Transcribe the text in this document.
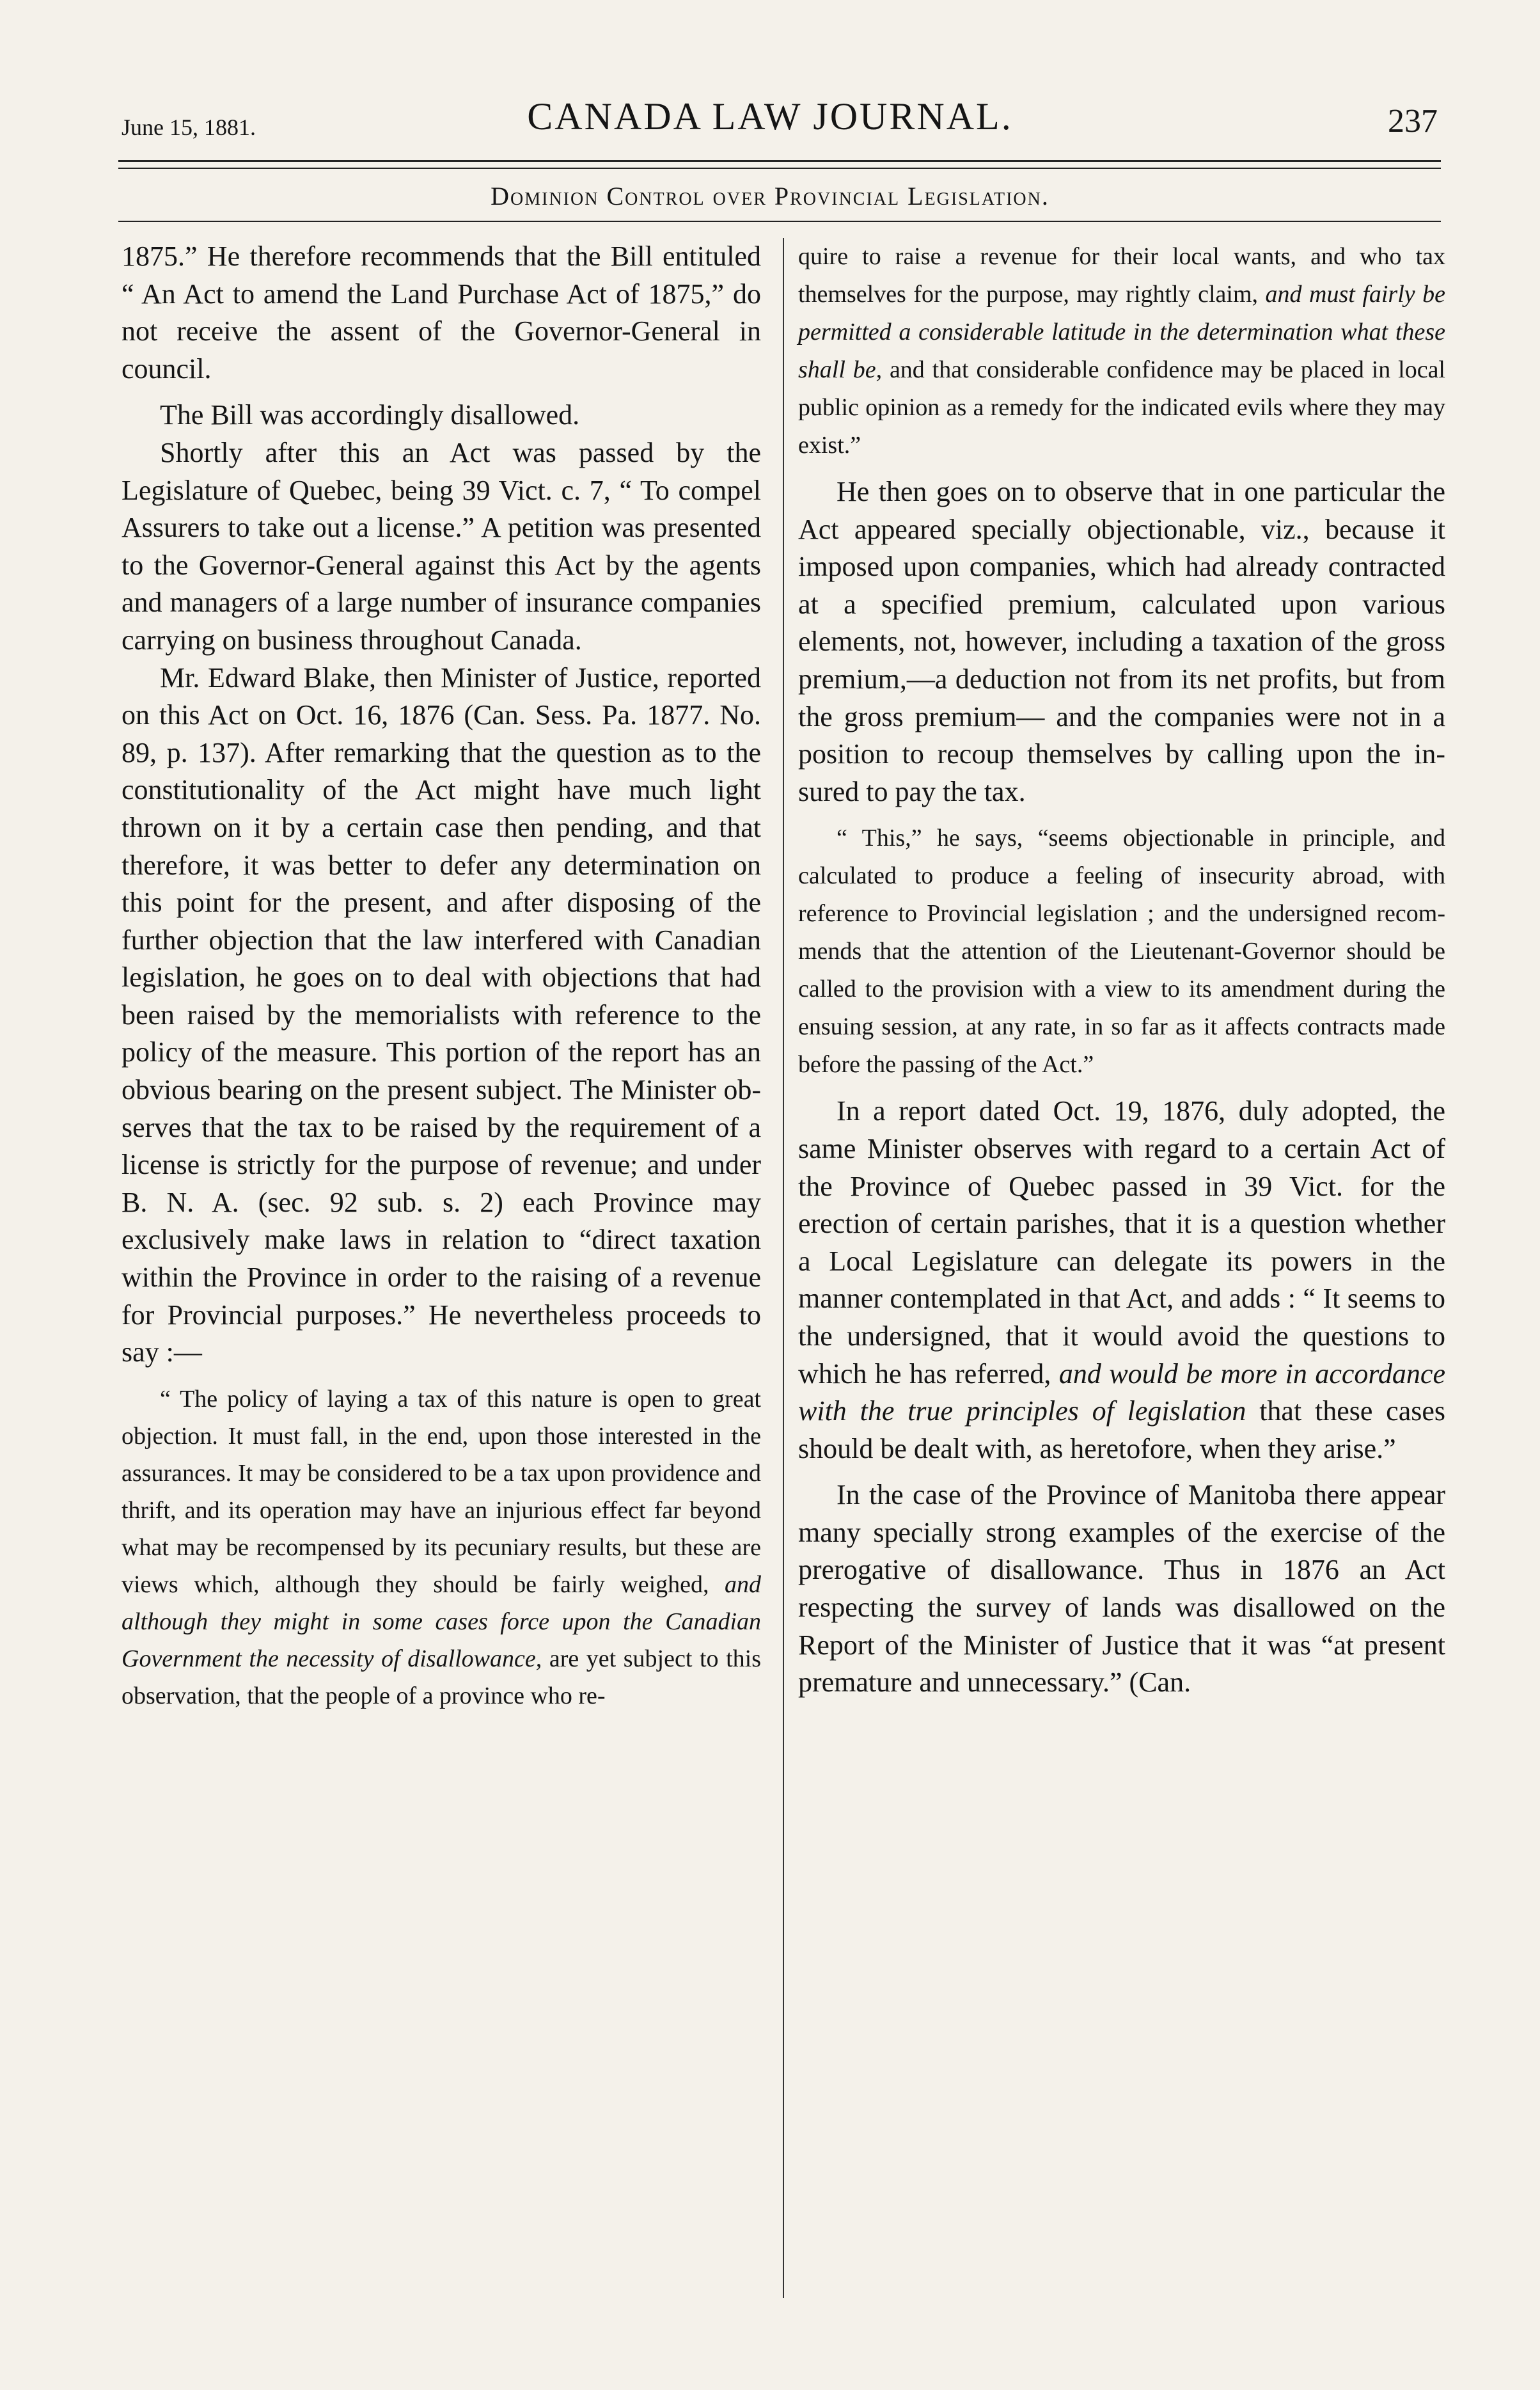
June 15, 1881.	CANADA LAW JOURNAL.	237
Dominion Control over Provincial Legislation.

1875.” He therefore recommends that the Bill entituled “ An Act to amend the Land Purchase Act of 1875,” do not receive the assent of the Governor-General in council.

The Bill was accordingly disallowed.

Shortly after this an Act was passed by the Legislature of Quebec, being 39 Vict. c. 7, “ To compel Assurers to take out a license.” A petition was presented to the Governor-General against this Act by the agents and managers of a large number of insurance companies carrying on business throughout Canada.

Mr. Edward Blake, then Minister of Justice, reported on this Act on Oct. 16, 1876 (Can. Sess. Pa. 1877. No. 89, p. 137). After remarking that the question as to the constitutionality of the Act might have much light thrown on it by a certain case then pending, and that therefore, it was better to defer any determination on this point for the present, and after disposing of the further objection that the law interfered with Canadian legislation, he goes on to deal with objections that had been raised by the memorialists with reference to the policy of the measure. This portion of the report has an obvious bearing on the present subject. The Minister observes that the tax to be raised by the requirement of a license is strictly for the purpose of revenue; and under B. N. A. (sec. 92 sub. s. 2) each Province may exclusively make laws in relation to “direct taxation within the Province in order to the raising of a revenue for Provincial purposes.” He nevertheless proceeds to say :—

“ The policy of laying a tax of this nature is open to great objection. It must fall, in the end, upon those interested in the assurances. It may be considered to be a tax upon providence and thrift, and its operation may have an injurious effect far beyond what may be recompensed by its pecuniary results, but these are views which, although they should be fairly weighed, and although they might in some cases force upon the Canadian Government the necessity of disallowance, are yet subject to this observation, that the people of a province who re-

quire to raise a revenue for their local wants, and who tax themselves for the purpose, may rightly claim, and must fairly be permitted a considerable latitude in the determination what these shall be, and that considerable confidence may be placed in local public opinion as a remedy for the indicated evils where they may exist.”

He then goes on to observe that in one particular the Act appeared specially objectionable, viz., because it imposed upon companies, which had already contracted at a specified premium, calculated upon various elements, not, however, including a taxation of the gross premium,—a deduction not from its net profits, but from the gross premium— and the companies were not in a position to recoup themselves by calling upon the insured to pay the tax.

“ This,” he says, “seems objectionable in principle, and calculated to produce a feeling of insecurity abroad, with reference to Provincial legislation ; and the undersigned recommends that the attention of the Lieutenant-Governor should be called to the provision with a view to its amendment during the ensuing session, at any rate, in so far as it affects contracts made before the passing of the Act.”

In a report dated Oct. 19, 1876, duly adopted, the same Minister observes with regard to a certain Act of the Province of Quebec passed in 39 Vict. for the erection of certain parishes, that it is a question whether a Local Legislature can delegate its powers in the manner contemplated in that Act, and adds : “ It seems to the undersigned, that it would avoid the questions to which he has referred, and would be more in accordance with the true principles of legislation that these cases should be dealt with, as heretofore, when they arise.”

In the case of the Province of Manitoba there appear many specially strong examples of the exercise of the prerogative of disallowance. Thus in 1876 an Act respecting the survey of lands was disallowed on the Report of the Minister of Justice that it was “at present premature and unnecessary.” (Can.
